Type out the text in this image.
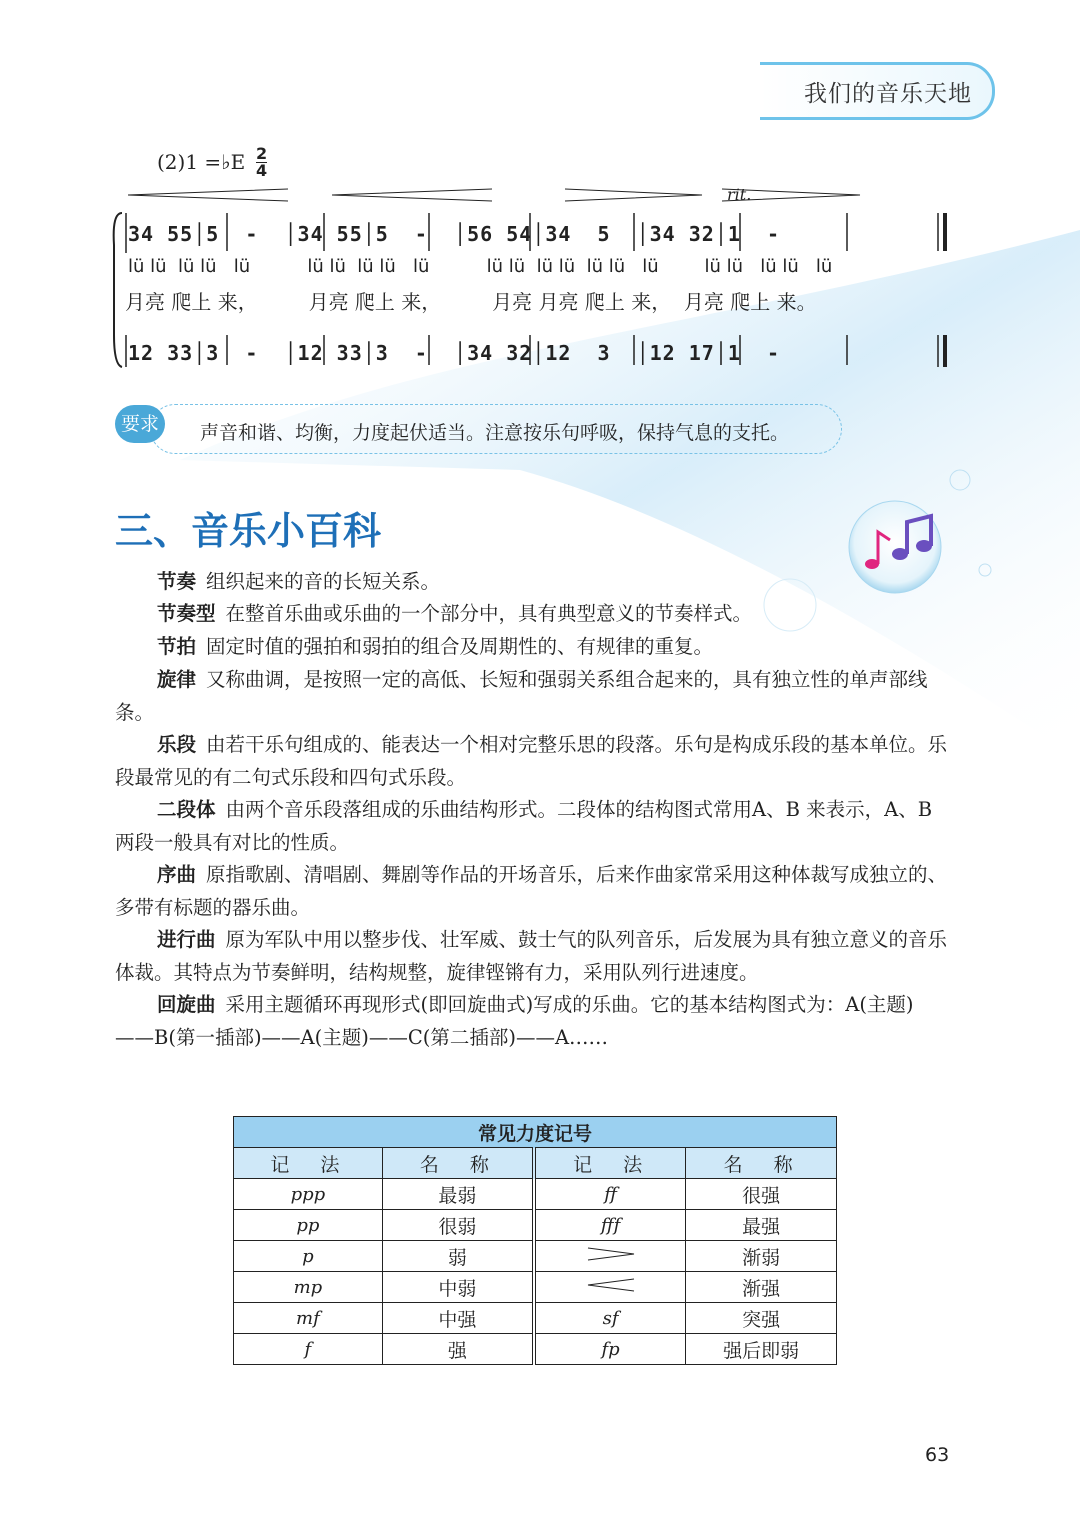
我们的音乐天地
(2)1 =♭E 2
4
rit.
34 55│5  -  │34 55│5  -  │56 54│34  5  │34 32│1  -
lü lü  lü lü   lü          lü lü  lü lü   lü          lü lü  lü lü  lü lü   lü        lü lü   lü lü   lü
月亮 爬上 来，        月亮 爬上 来，        月亮 月亮 爬上 来，  月亮 爬上 来。
12 33│3  -  │12 33│3  -  │34 32│12  3  │12 17│1  -
要求	声音和谐、均衡，力度起伏适当。注意按乐句呼吸，保持气息的支托。
三、音乐小百科
节奏 组织起来的音的长短关系。
节奏型 在整首乐曲或乐曲的一个部分中，具有典型意义的节奏样式。
节拍 固定时值的强拍和弱拍的组合及周期性的、有规律的重复。
旋律 又称曲调，是按照一定的高低、长短和强弱关系组合起来的，具有独立性的单声部线条。
乐段 由若干乐句组成的、能表达一个相对完整乐思的段落。乐句是构成乐段的基本单位。乐段最常见的有二句式乐段和四句式乐段。
二段体 由两个音乐段落组成的乐曲结构形式。二段体的结构图式常用A、B 来表示，A、B 两段一般具有对比的性质。
序曲 原指歌剧、清唱剧、舞剧等作品的开场音乐，后来作曲家常采用这种体裁写成独立的、多带有标题的器乐曲。
进行曲 原为军队中用以整步伐、壮军威、鼓士气的队列音乐，后发展为具有独立意义的音乐体裁。其特点为节奏鲜明，结构规整，旋律铿锵有力，采用队列行进速度。
回旋曲 采用主题循环再现形式(即回旋曲式)写成的乐曲。它的基本结构图式为：A(主题)——B(第一插部)——A(主题)——C(第二插部)——A……
常见力度记号			
记　法	名　称	记　法	名　称
ppp	最弱	ff	很强
pp	很弱	fff	最强
p	弱		渐弱
mp	中弱		渐强
mf	中强	sf	突强
f	强	fp	强后即弱
63
